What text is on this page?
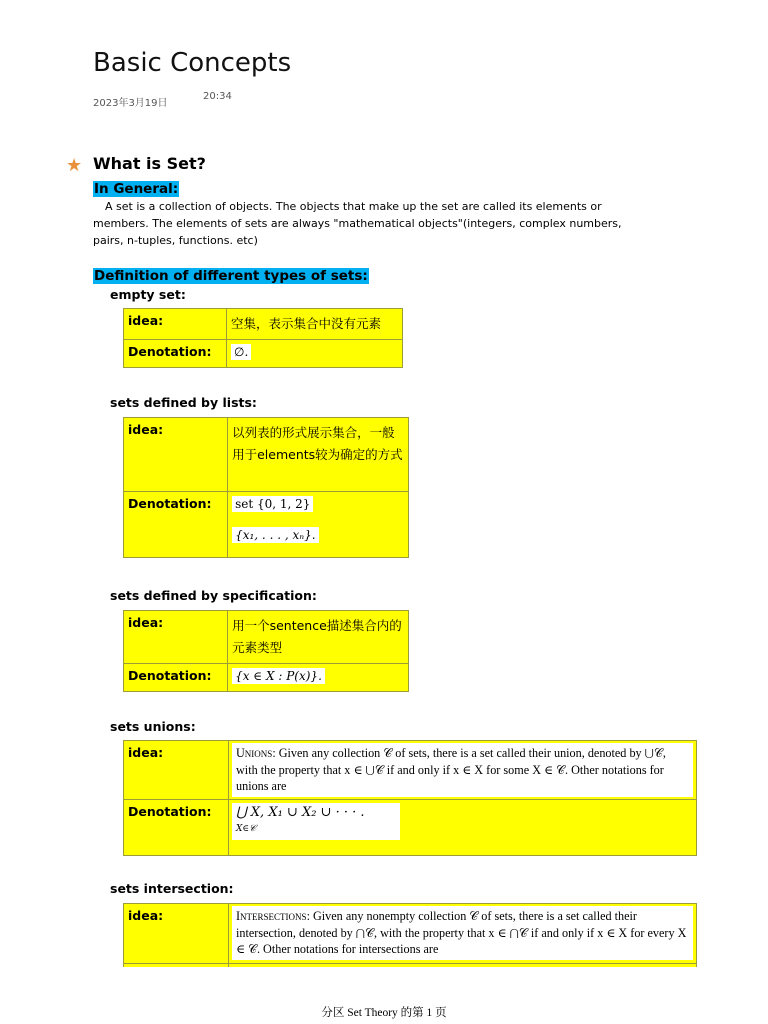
Basic Concepts
2023年3月19日
20:34
★ What is Set?
In General:
A set is a collection of objects. The objects that make up the set are called its elements or members. The elements of sets are always "mathematical objects"(integers, complex numbers, pairs, n-tuples, functions. etc)
Definition of different types of sets:
empty set:
idea:	空集，表示集合中没有元素
Denotation:	∅.
sets defined by lists:
idea:	以列表的形式展示集合，一般用于elements较为确定的方式
Denotation:	set {0, 1, 2}

{x₁, . . . , xₙ}.
sets defined by specification:
idea:	用一个sentence描述集合内的元素类型
Denotation:	{x ∈ X : P(x)}.
sets unions:
idea:	Unions: Given any collection 𝒞 of sets, there is a set called their union, denoted by ⋃𝒞, with the property that x ∈ ⋃𝒞 if and only if x ∈ X for some X ∈ 𝒞. Other notations for unions are

Denotation:	⋃ X, X₁ ∪ X₂ ∪ · · · .
X∈𝒞
sets intersection:
idea:	Intersections: Given any nonempty collection 𝒞 of sets, there is a set called their intersection, denoted by ⋂𝒞, with the property that x ∈ ⋂𝒞 if and only if x ∈ X for every X ∈ 𝒞. Other notations for intersections are

分区 Set Theory 的第 1 页
